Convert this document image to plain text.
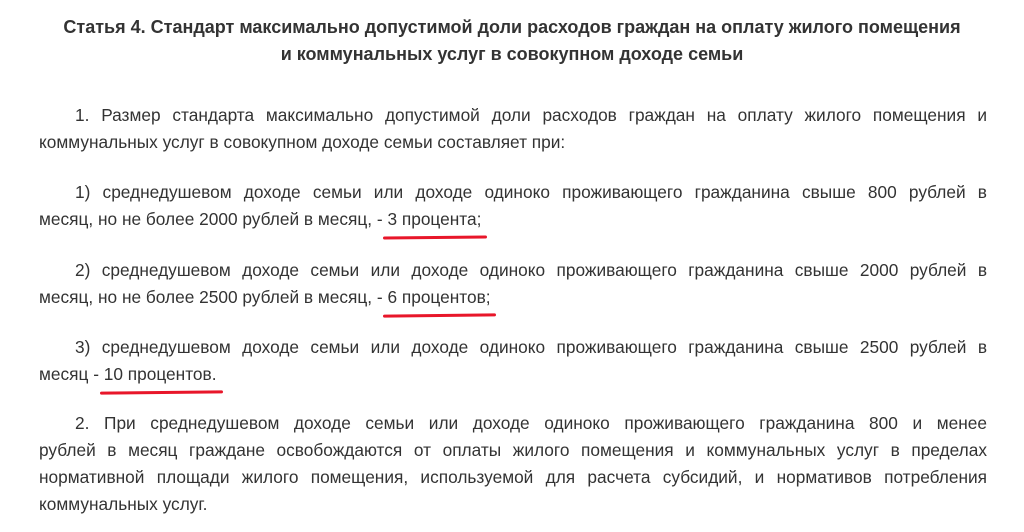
Статья 4. Стандарт максимально допустимой доли расходов граждан на оплату жилого помещения
и коммунальных услуг в совокупном доходе семьи
1. Размер стандарта максимально допустимой доли расходов граждан на оплату жилого помещения и
коммунальных услуг в совокупном доходе семьи составляет при:
1) среднедушевом доходе семьи или доходе одиноко проживающего гражданина свыше 800 рублей в
месяц, но не более 2000 рублей в месяц, - 3 процента;
2) среднедушевом доходе семьи или доходе одиноко проживающего гражданина свыше 2000 рублей в
месяц, но не более 2500 рублей в месяц, - 6 процентов;
3) среднедушевом доходе семьи или доходе одиноко проживающего гражданина свыше 2500 рублей в
месяц - 10 процентов.
2. При среднедушевом доходе семьи или доходе одиноко проживающего гражданина 800 и менее
рублей в месяц граждане освобождаются от оплаты жилого помещения и коммунальных услуг в пределах
нормативной площади жилого помещения, используемой для расчета субсидий, и нормативов потребления
коммунальных услуг.
